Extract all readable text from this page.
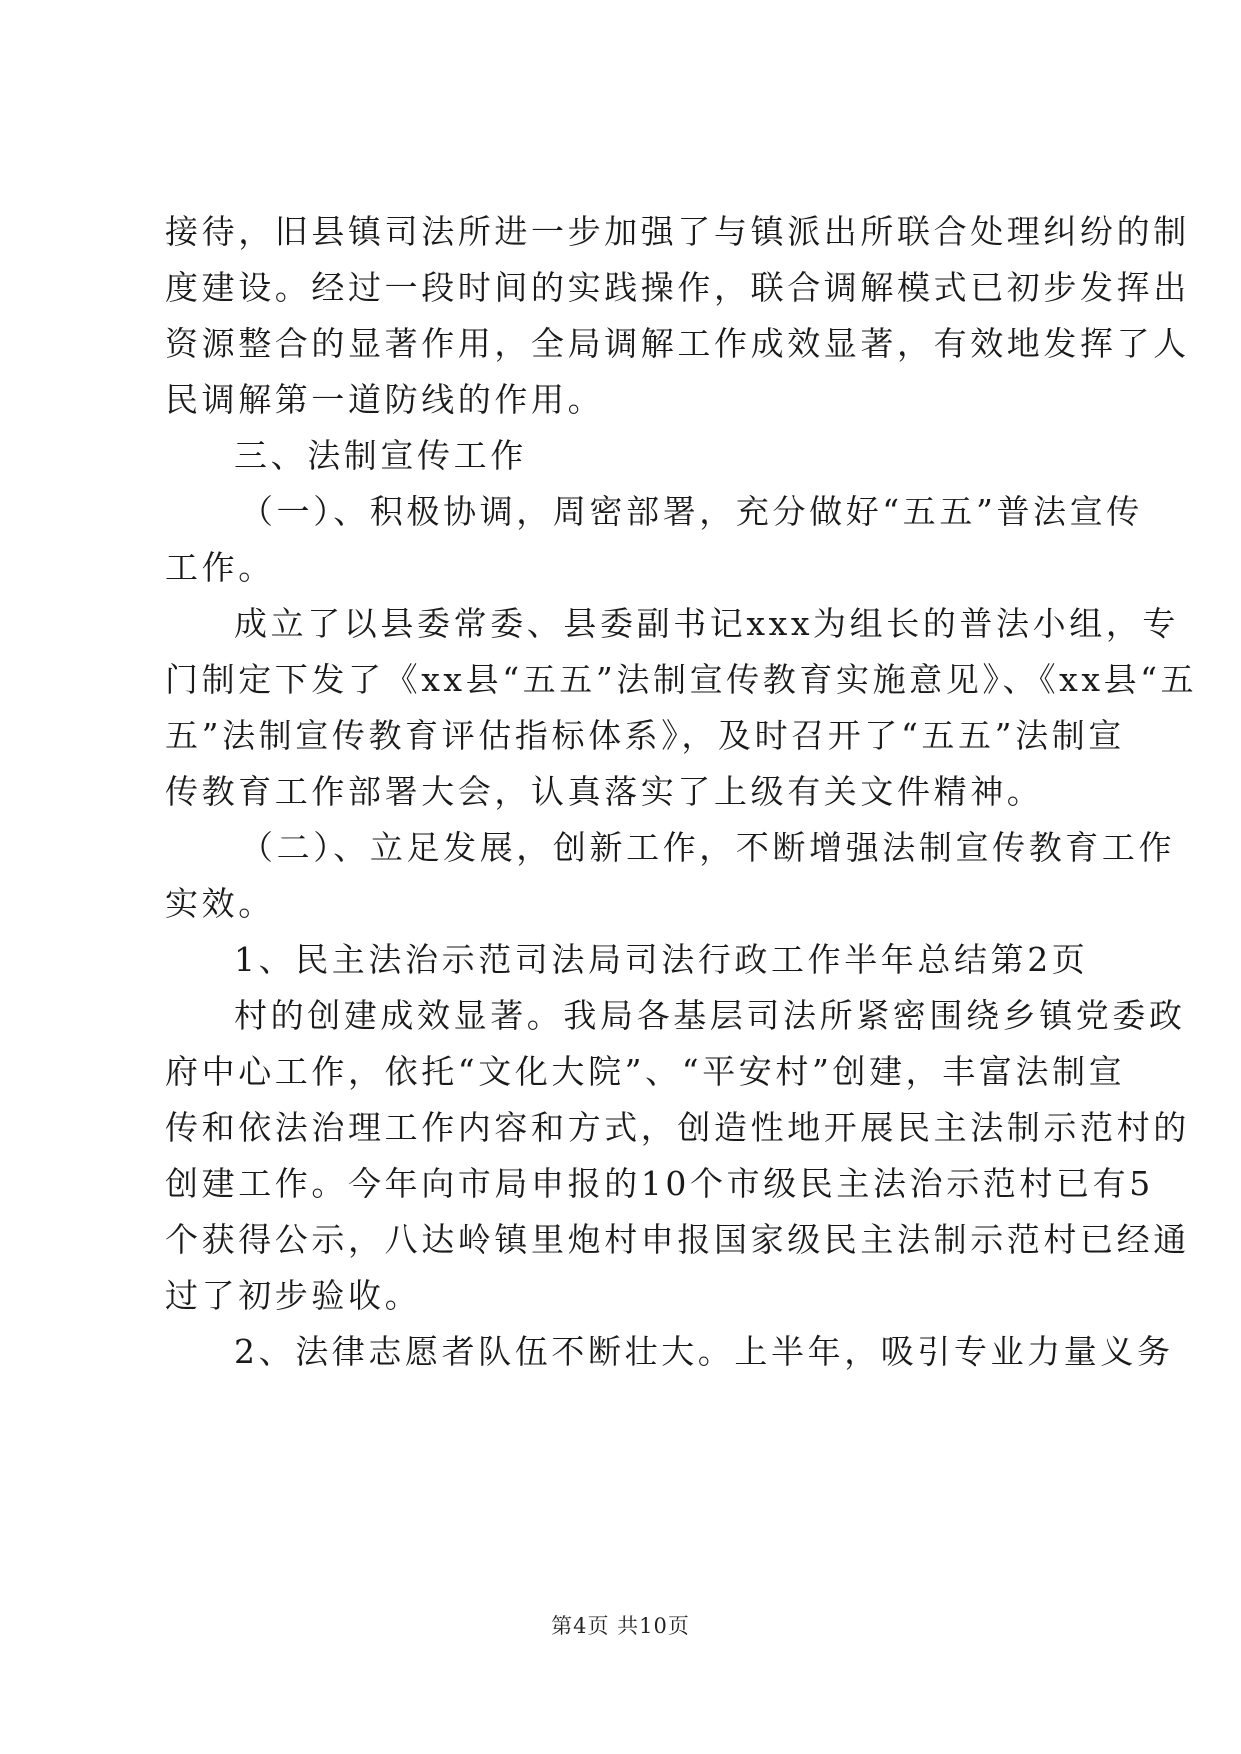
接待，旧县镇司法所进一步加强了与镇派出所联合处理纠纷的制
度建设。经过一段时间的实践操作，联合调解模式已初步发挥出
资源整合的显著作用，全局调解工作成效显著，有效地发挥了人
民调解第一道防线的作用。
三、法制宣传工作
（一）、积极协调，周密部署，充分做好“五五”普法宣传
工作。
成立了以县委常委、县委副书记xxx为组长的普法小组，专
门制定下发了《xx县“五五”法制宣传教育实施意见》、《xx县“五
五”法制宣传教育评估指标体系》，及时召开了“五五”法制宣
传教育工作部署大会，认真落实了上级有关文件精神。
（二）、立足发展，创新工作，不断增强法制宣传教育工作
实效。
1、民主法治示范司法局司法行政工作半年总结第2页
村的创建成效显著。我局各基层司法所紧密围绕乡镇党委政
府中心工作，依托“文化大院”、“平安村”创建，丰富法制宣
传和依法治理工作内容和方式，创造性地开展民主法制示范村的
创建工作。今年向市局申报的10个市级民主法治示范村已有5
个获得公示，八达岭镇里炮村申报国家级民主法制示范村已经通
过了初步验收。
2、法律志愿者队伍不断壮大。上半年，吸引专业力量义务
第4页 共10页
